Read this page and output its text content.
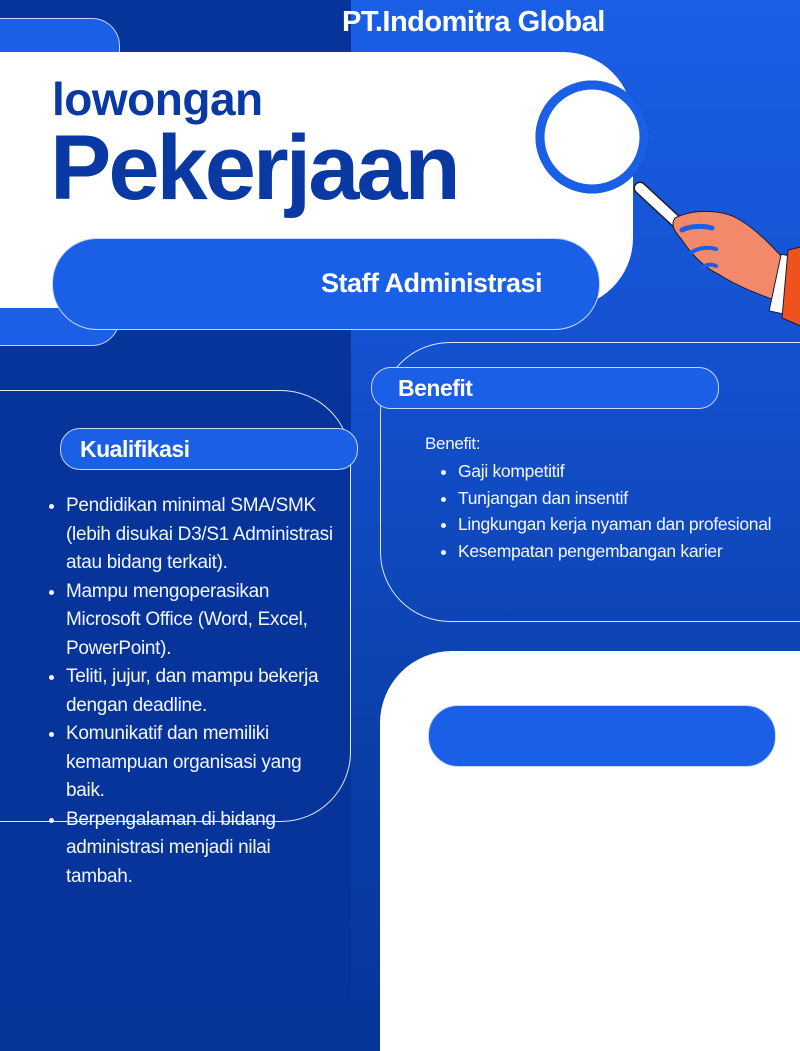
PT.Indomitra Global
lowongan
Pekerjaan
Staff Administrasi
Kualifikasi
• Pendidikan minimal SMA/SMK (lebih disukai D3/S1 Administrasi atau bidang terkait).
• Mampu mengoperasikan Microsoft Office (Word, Excel, PowerPoint).
• Teliti, jujur, dan mampu bekerja dengan deadline.
• Komunikatif dan memiliki kemampuan organisasi yang baik.
• Berpengalaman di bidang administrasi menjadi nilai tambah.
Benefit
Benefit:
• Gaji kompetitif
• Tunjangan dan insentif
• Lingkungan kerja nyaman dan profesional
• Kesempatan pengembangan karier
